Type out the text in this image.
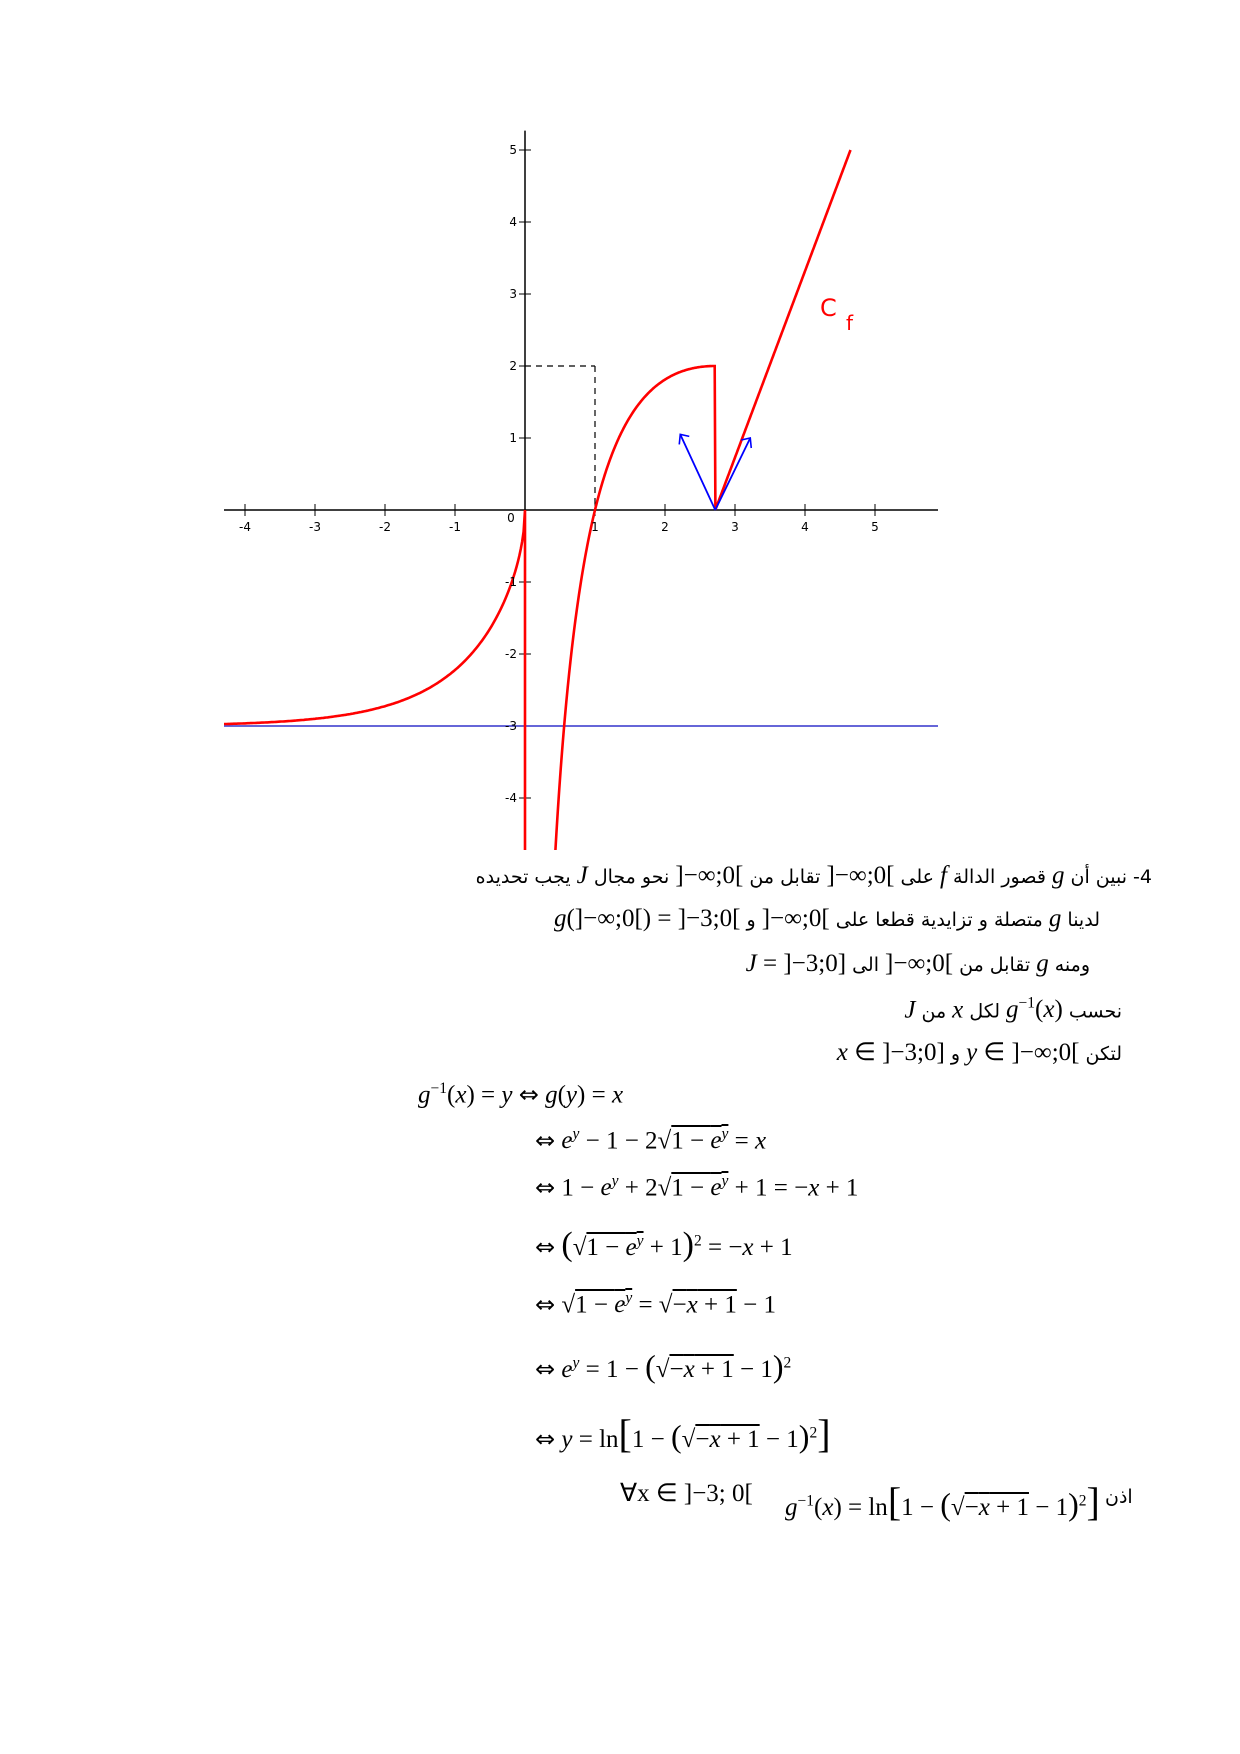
-4	-3	-2	-1
0
1	2	3	4	5
5
4
3
2
1
-1
-2
-3
-4
C
f
4- نبين أن g قصور الدالة f على ]−∞;0[ تقابل من ]−∞;0[ نحو مجال J يجب تحديده
لدينا g متصلة و تزايدية قطعا على ]−∞;0[ و g(]−∞;0[) = ]−3;0[
ومنه g تقابل من ]−∞;0[ الى J = ]−3;0]
نحسب $g^{-1}(x)$ لكل x من J
لتكن y ∈ ]−∞;0[ و x ∈ ]−3;0]
$g^{-1}(x) = y$ ⇔ g(y) = x
⇔ $e^y - 1 - 2√1 - e^y = x$
⇔ $1 - e^y + 2√1 - e^y + 1 = -x + 1$
⇔ $(√1 - e^y + 1)^2 = -x + 1$
⇔ $√1 - e^y = √-x + 1 - 1$
⇔ $e^y = 1 - (√-x + 1 - 1)^2$
⇔ $y = \ln[1 - (√-x + 1 - 1)^2]$
∀x ∈ ]−3; 0[
$g^{-1}(x) = \ln[1 - (√-x + 1 - 1)^2]$ اذن
